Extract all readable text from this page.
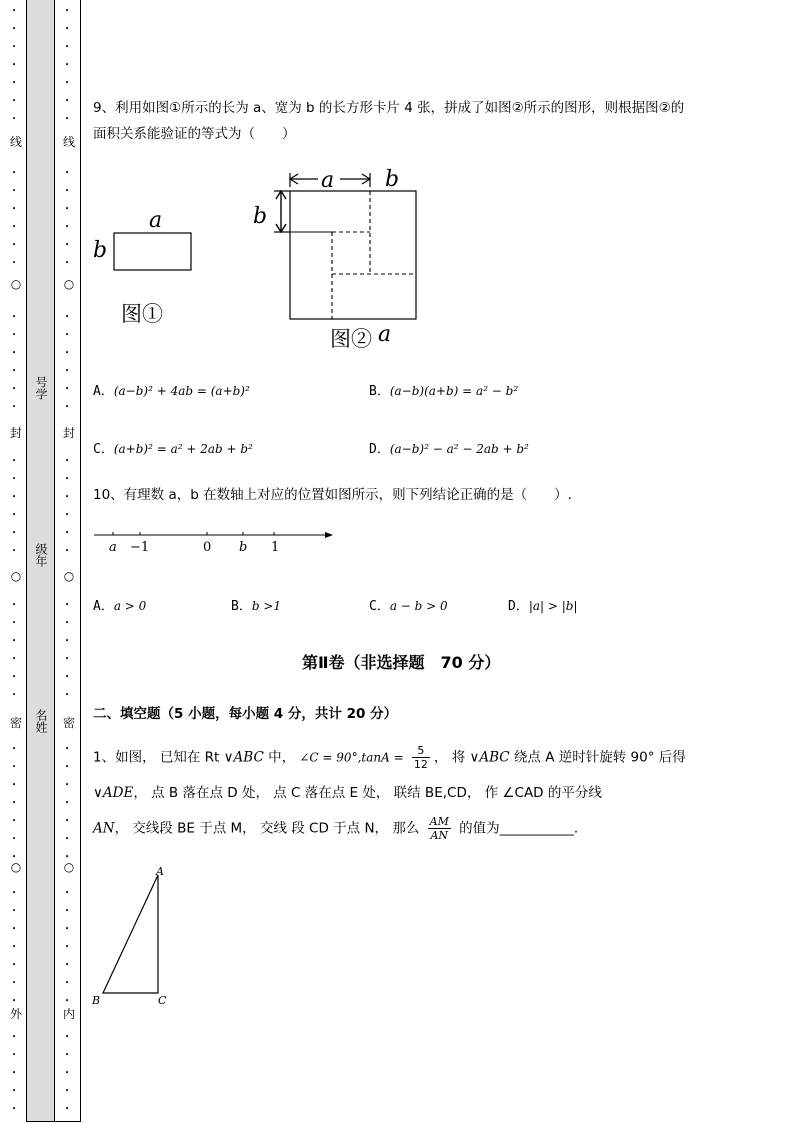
•
•
•
•
•
•
•
•
•
•
•
•
•
•
•
•
•
•
•
•
•
•
•
•
•
•
•
•
•
•
•
•
•
•
•
•
•
•
•
•
•
•
•
•
•
•
•
•
•
•
•
•
•
•
•
•
•
•
•
•
•
•
•
•
•
•
•
•
•
•
•
•
•
•
•
•
•
•
•
•
•
•
•
•
•
•
•
•
•
•
•
•
•
•
•
•
•
•
•
•
线
○
封
○
密
○
外
线
○
封
○
密
○
内
号学
级年
名姓
9、利用如图①所示的长为 a、宽为 b 的长方形卡片 4 张，拼成了如图②所示的图形，则根据图②的
面积关系能验证的等式为（　　）
a
b
图①
a b
b
图② a
A．(a−b)² + 4ab = (a+b)²	B．(a−b)(a+b) = a² − b²
C．(a+b)² = a² + 2ab + b²	D．(a−b)² − a² − 2ab + b²
10、有理数 a，b 在数轴上对应的位置如图所示，则下列结论正确的是（　　）.
a −1	0 b 1
A．a > 0	B．b >1	C．a − b > 0	D．|a| > |b|
第Ⅱ卷（非选择题　70 分）
二、填空题（5 小题，每小题 4 分，共计 20 分）
1、如图， 已知在 Rt ∨ABC 中， ∠C = $90^\circ,\tan A = \frac{5}{12}$ ， 将 ∨ABC 绕点 A 逆时针旋转 90° 后得
∨ADE， 点 B 落在点 D 处， 点 C 落在点 E 处， 联结 BE,CD， 作 ∠CAD 的平分线
AN， 交线段 BE 于点 M， 交线 段 CD 于点 N， 那么 $\frac{AM}{AN}$ 的值为___________.
A
B	C
